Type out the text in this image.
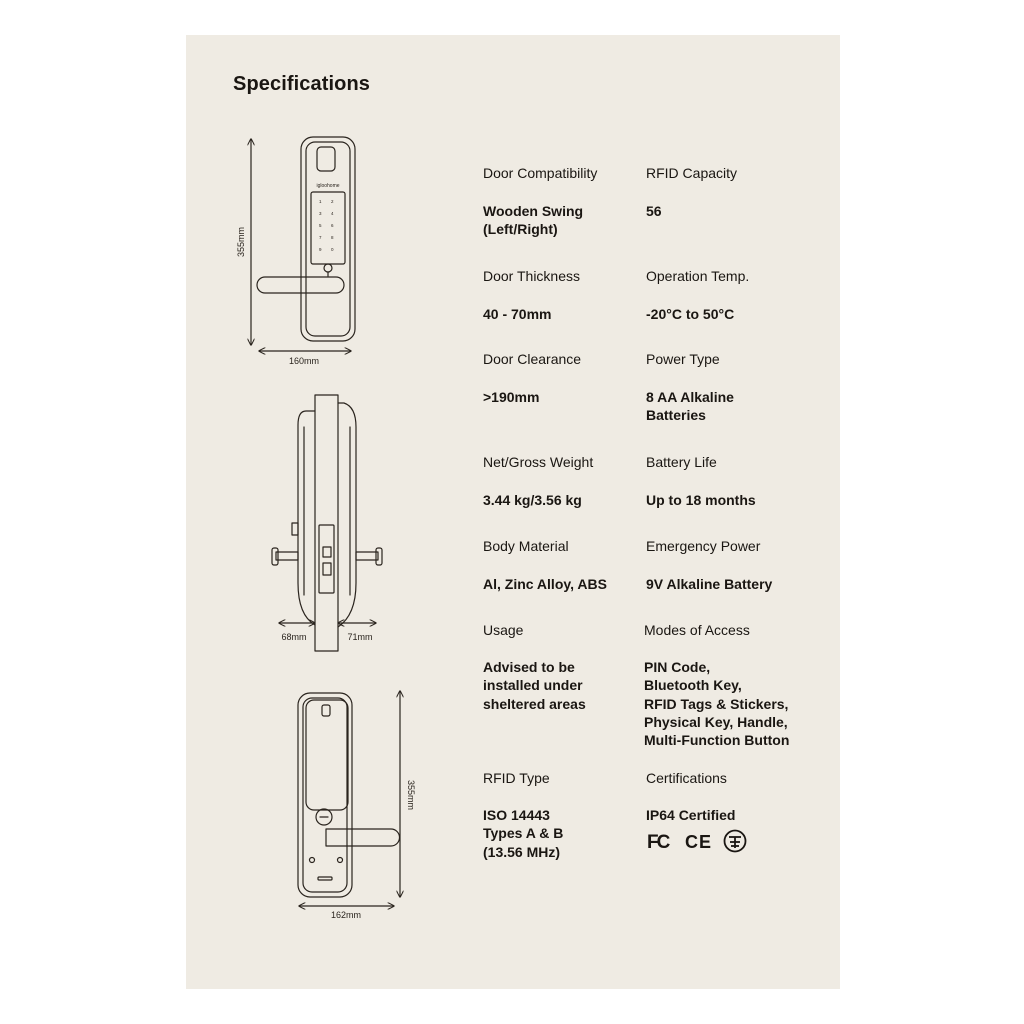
Specifications
355mm
igloohome
1 2
3 4
5 6
7 8
9 0
160mm
68mm	71mm
355mm
162mm

Door Compatibility

Wooden Swing
(Left/Right)

RFID Capacity

56

Door Thickness

40 - 70mm

Operation Temp.

-20°C to 50°C

Door Clearance

>190mm

Power Type

8 AA Alkaline
Batteries

Net/Gross Weight

3.44 kg/3.56 kg

Battery Life

Up to 18 months

Body Material

Al, Zinc Alloy, ABS

Emergency Power

9V Alkaline Battery

Usage

Advised to be
installed under
sheltered areas

Modes of Access

PIN Code,
Bluetooth Key,
RFID Tags & Stickers,
Physical Key, Handle,
Multi-Function Button

RFID Type

ISO 14443
Types A & B
(13.56 MHz)

Certifications

IP64 Certified

FC CE
